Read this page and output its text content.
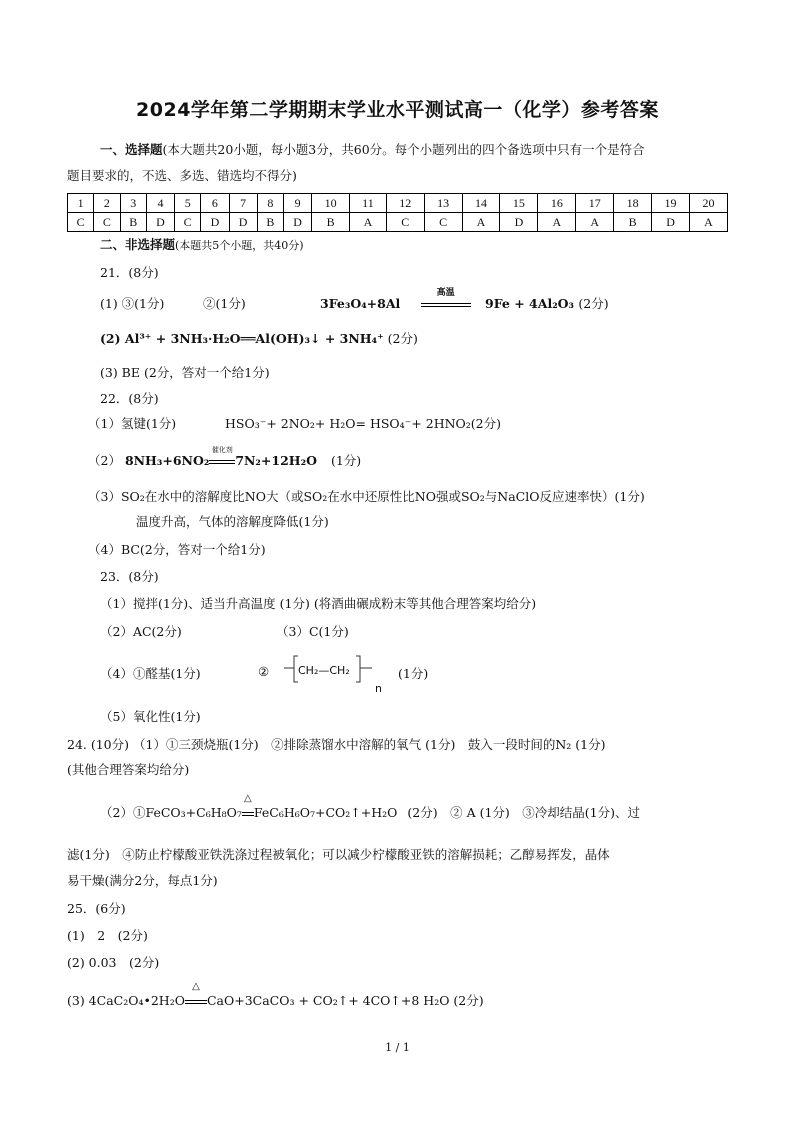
2024学年第二学期期末学业水平测试高一（化学）参考答案
一、选择题(本大题共20小题，每小题3分，共60分。每个小题列出的四个备选项中只有一个是符合
题目要求的，不选、多选、错选均不得分)
1	2	3	4	5	6	7	8	9	10	11	12	13	14	15	16	17	18	19	20
C	C	B	D	C	D	D	B	D	B	A	C	C	A	D	A	A	B	D	A
二、非选择题(本题共5个小题，共40分)
21．(8分)
(1) ③(1分)	②(1分)	3Fe₃O₄+8Al
高温
9Fe + 4Al₂O₃ (2分)
(2) Al³⁺ + 3NH₃·H₂O══Al(OH)₃↓ + 3NH₄⁺ (2分)
(3) BE (2分，答对一个给1分)
22．(8分)
（1）氢键(1分)	HSO₃⁻+ 2NO₂+ H₂O= HSO₄⁻+ 2HNO₂(2分)
（2） 8NH₃+6NO₂
催化剂
7N₂+12H₂O (1分)
（3）SO₂在水中的溶解度比NO大（或SO₂在水中还原性比NO强或SO₂与NaClO反应速率快）(1分)
温度升高，气体的溶解度降低(1分)
（4）BC(2分，答对一个给1分)
23．(8分)
（1）搅拌(1分)、适当升高温度 (1分) (将酒曲碾成粉末等其他合理答案均给分)
（2）AC(2分)	（3）C(1分)
（4）①醛基(1分)	②	CH₂—CH₂
n
(1分)
（5）氧化性(1分)
24. (10分) （1）①三颈烧瓶(1分)　②排除蒸馏水中溶解的氧气 (1分)　鼓入一段时间的N₂ (1分)
(其他合理答案均给分)
（2）①FeCO₃+C₆H₈O₇
△
FeC₆H₆O₇+CO₂↑+H₂O (2分)　② A (1分)　③冷却结晶(1分)、过
滤(1分)　④防止柠檬酸亚铁洗涤过程被氧化；可以减少柠檬酸亚铁的溶解损耗；乙醇易挥发，晶体
易干燥(满分2分，每点1分)
25．(6分)
(1)　2　(2分)
(2) 0.03　(2分)
(3) 4CaC₂O₄•2H₂O
△
CaO+3CaCO₃ + CO₂↑+ 4CO↑+8 H₂O (2分)
1 / 1
